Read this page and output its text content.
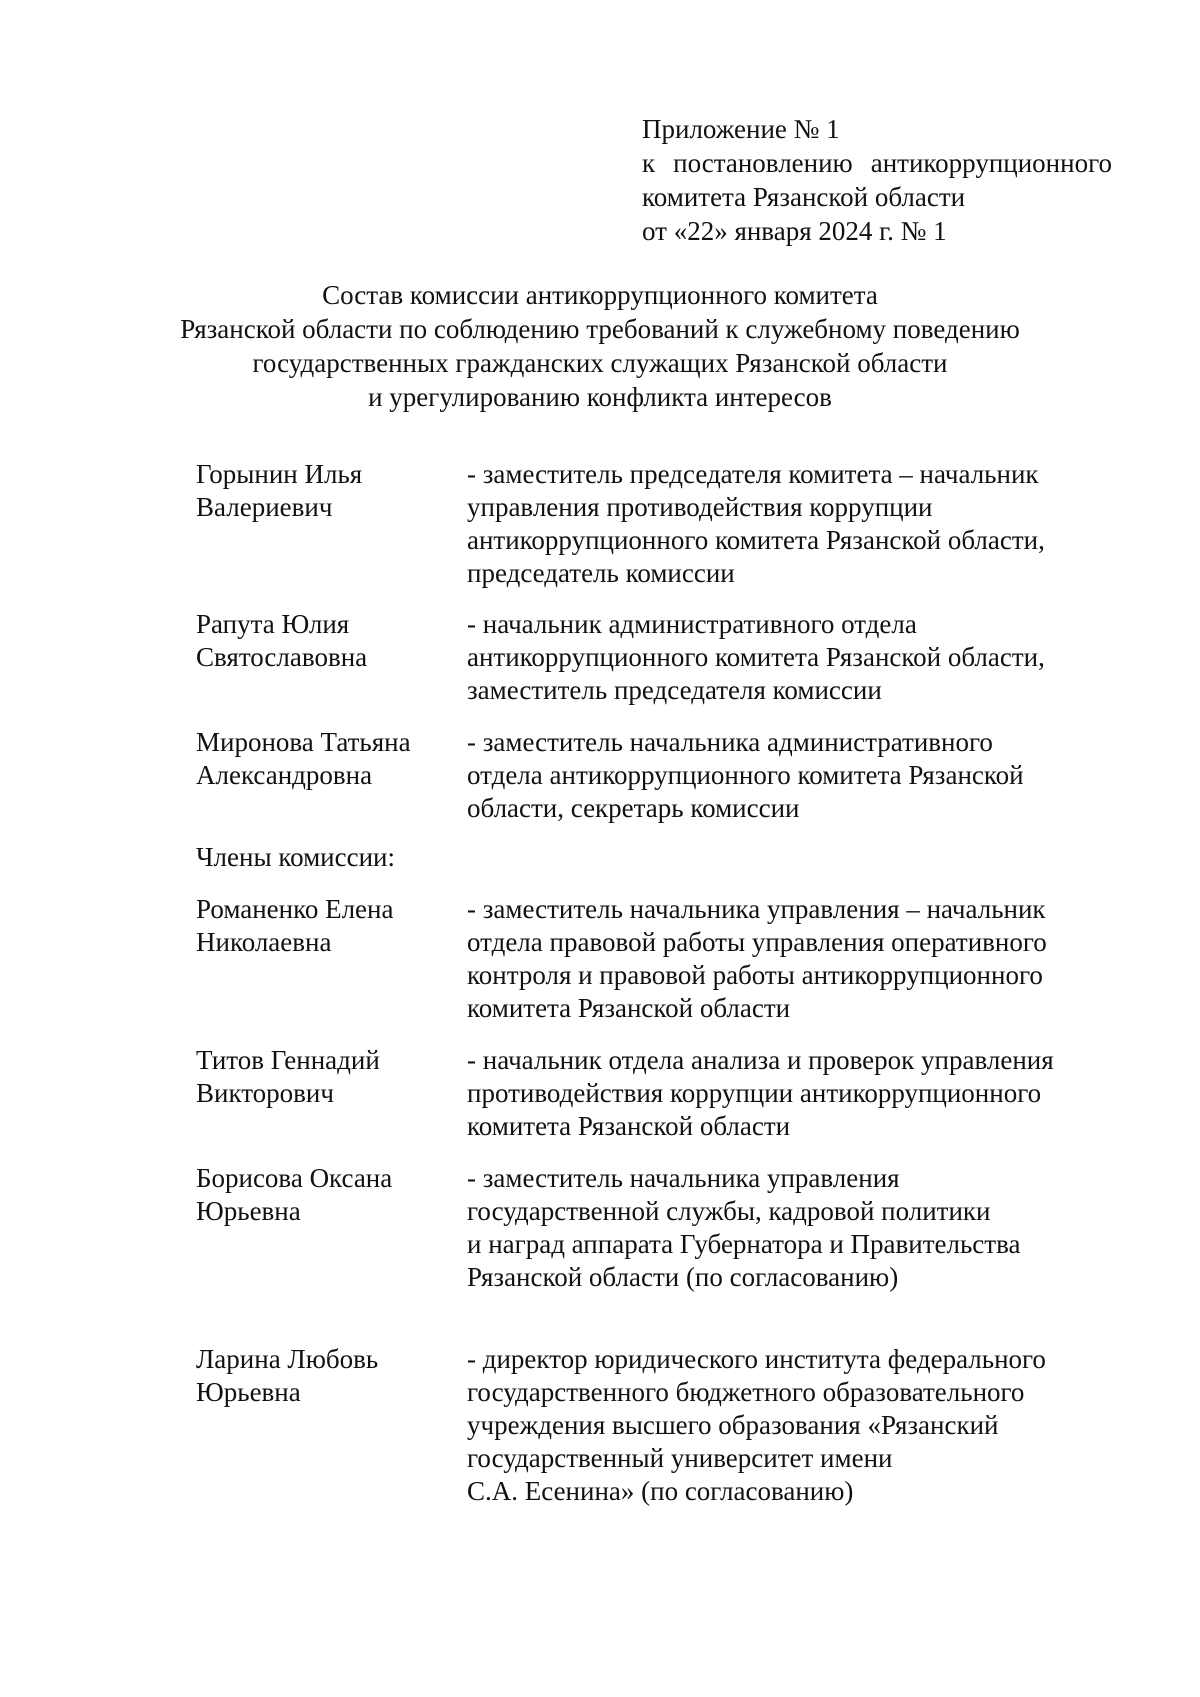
Приложение № 1
к постановлению антикоррупционного
комитета Рязанской области
от «22» января 2024 г. № 1
Состав комиссии антикоррупционного комитета
Рязанской области по соблюдению требований к служебному поведению
государственных гражданских служащих Рязанской области
и урегулированию конфликта интересов
Горынин Илья
Валериевич
- заместитель председателя комитета – начальник
управления противодействия коррупции
антикоррупционного комитета Рязанской области,
председатель комиссии
Рапута Юлия
Святославовна
- начальник административного отдела
антикоррупционного комитета Рязанской области,
заместитель председателя комиссии
Миронова Татьяна
Александровна
- заместитель начальника административного
отдела антикоррупционного комитета Рязанской
области, секретарь комиссии
Члены комиссии:
Романенко Елена
Николаевна
- заместитель начальника управления – начальник
отдела правовой работы управления оперативного
контроля и правовой работы антикоррупционного
комитета Рязанской области
Титов Геннадий
Викторович
- начальник отдела анализа и проверок управления
противодействия коррупции антикоррупционного
комитета Рязанской области
Борисова Оксана
Юрьевна
- заместитель начальника управления
государственной службы, кадровой политики
и наград аппарата Губернатора и Правительства
Рязанской области (по согласованию)
Ларина Любовь
Юрьевна
- директор юридического института федерального
государственного бюджетного образовательного
учреждения высшего образования «Рязанский
государственный университет имени
С.А. Есенина» (по согласованию)
